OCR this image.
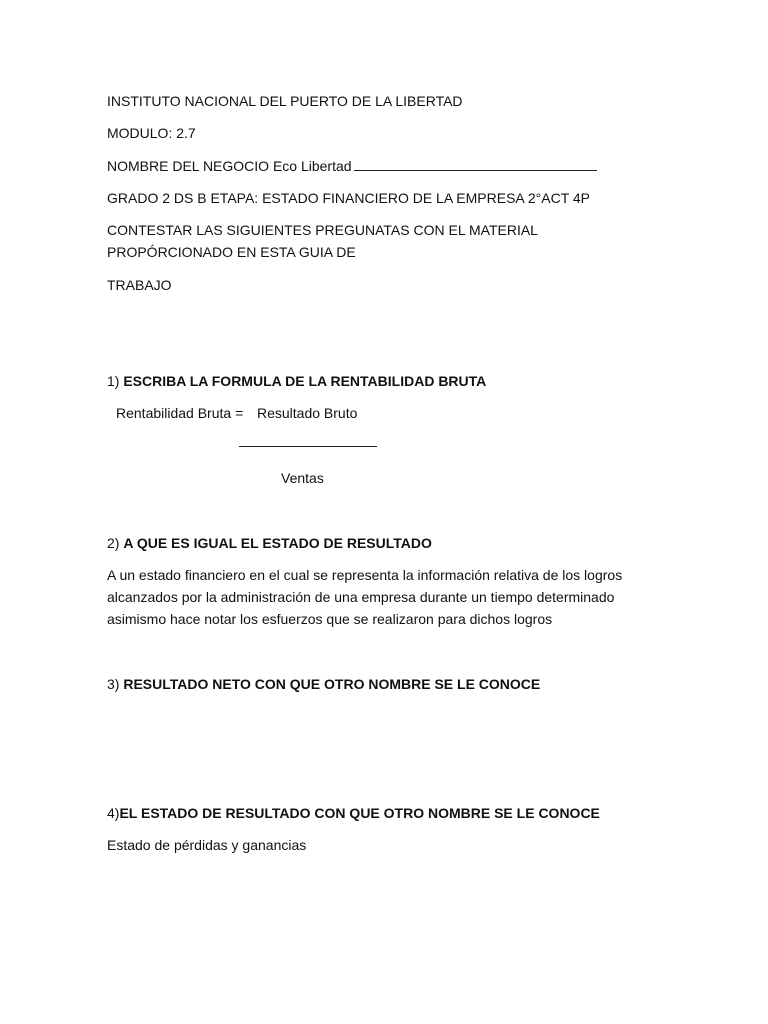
INSTITUTO NACIONAL DEL PUERTO DE LA LIBERTAD
MODULO: 2.7
NOMBRE DEL NEGOCIO Eco Libertad
GRADO 2 DS B ETAPA: ESTADO FINANCIERO DE LA EMPRESA 2°ACT 4P
CONTESTAR LAS SIGUIENTES PREGUNATAS CON EL MATERIAL PROPÓRCIONADO EN ESTA GUIA DE
TRABAJO
1) ESCRIBA LA FORMULA DE LA RENTABILIDAD BRUTA
Rentabilidad Bruta = Resultado Bruto
Ventas
2) A QUE ES IGUAL EL ESTADO DE RESULTADO
A un estado financiero en el cual se representa la información relativa de los logros alcanzados por la administración de una empresa durante un tiempo determinado asimismo hace notar los esfuerzos que se realizaron para dichos logros
3) RESULTADO NETO CON QUE OTRO NOMBRE SE LE CONOCE
4)EL ESTADO DE RESULTADO CON QUE OTRO NOMBRE SE LE CONOCE
Estado de pérdidas y ganancias
